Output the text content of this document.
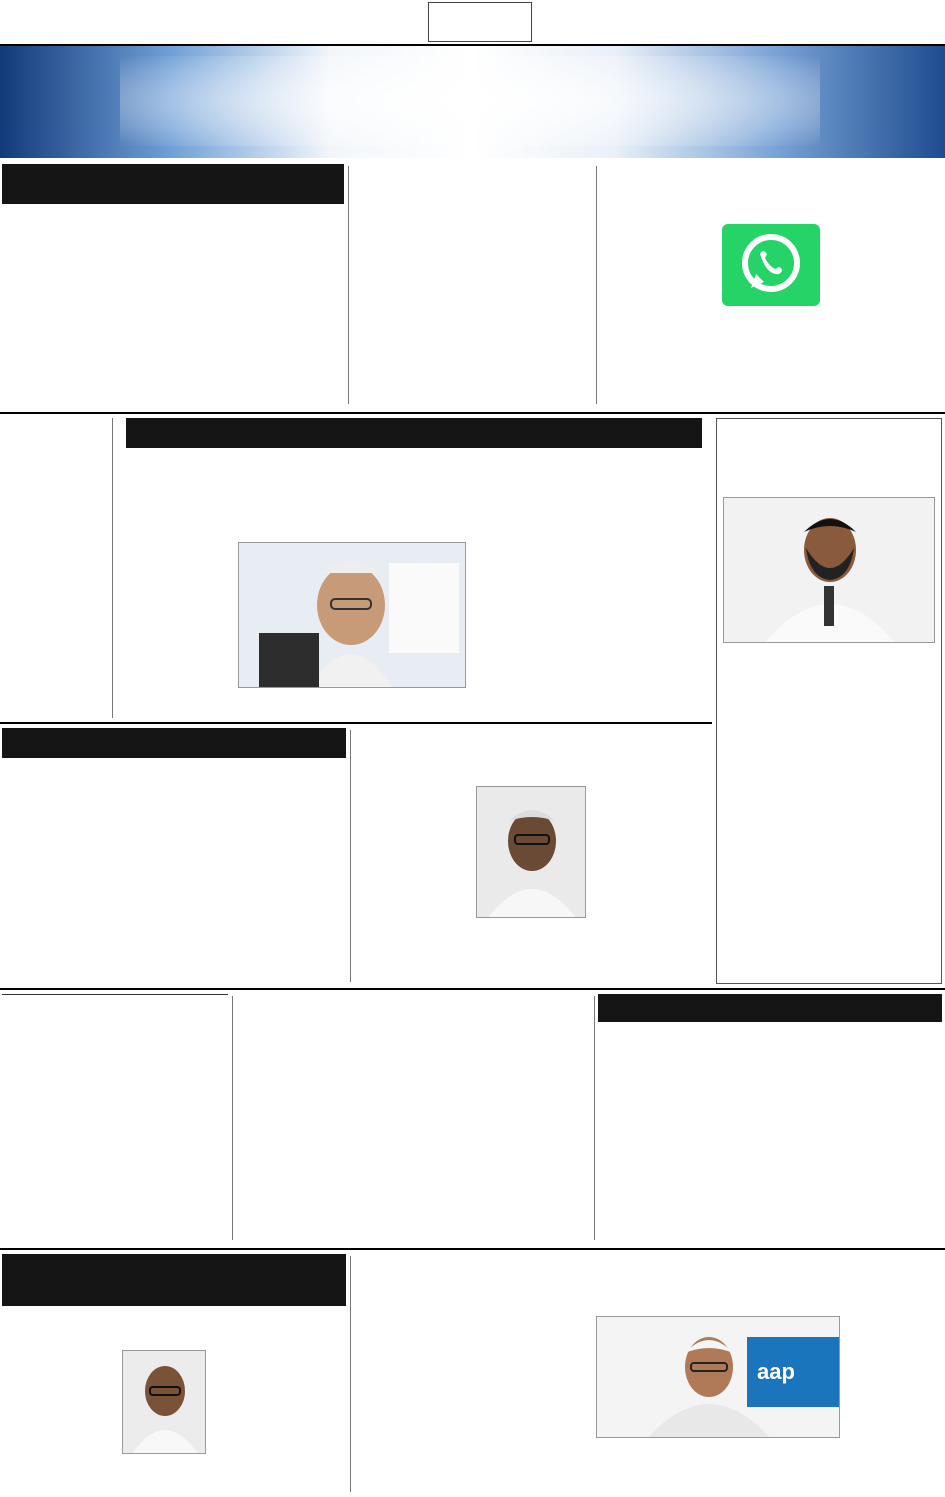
aap
